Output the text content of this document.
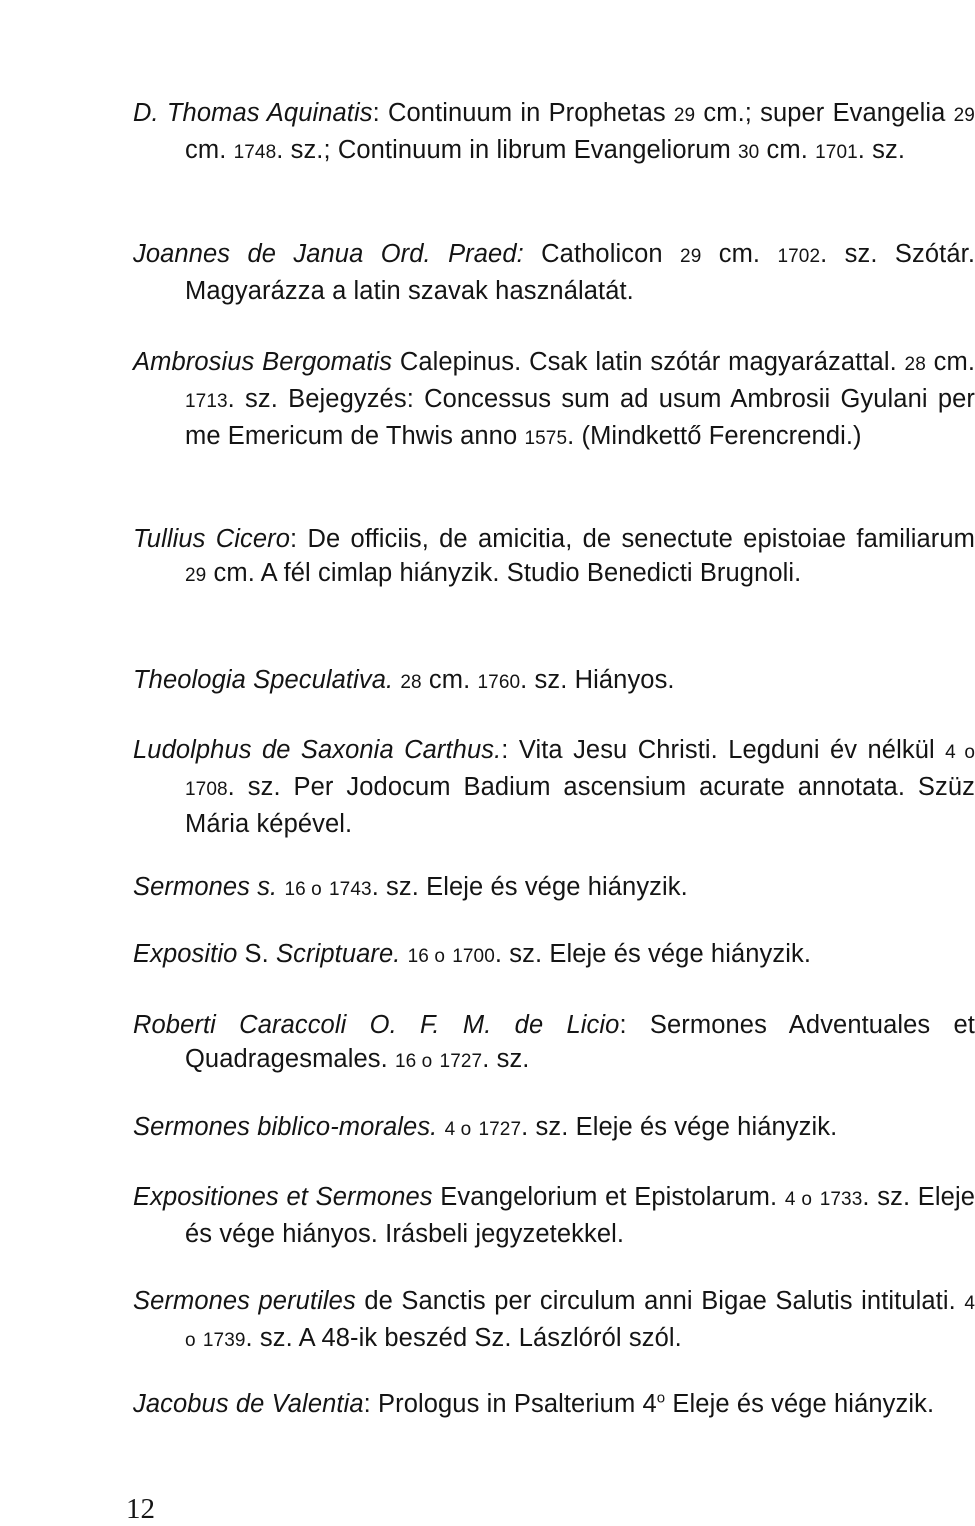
D. Thomas Aquinatis: Continuum in Prophetas 29 cm.; super Evangelia 29 cm. 1748. sz.; Continuum in librum Evangeliorum 30 cm. 1701. sz.

Joannes de Janua Ord. Praed: Catholicon 29 cm. 1702. sz. Szótár. Magyarázza a latin szavak használatát.

Ambrosius Bergomatis Calepinus. Csak latin szótár magyarázattal. 28 cm. 1713. sz. Bejegyzés: Concessus sum ad usum Ambrosii Gyulani per me Emericum de Thwis anno 1575. (Mindkettő Ferencrendi.)

Tullius Cicero: De officiis, de amicitia, de senectute epistoiae familiarum 29 cm. A fél cimlap hiányzik. Studio Benedicti Brugnoli.

Theologia Speculativa. 28 cm. 1760. sz. Hiányos.

Ludolphus de Saxonia Carthus.: Vita Jesu Christi. Legduni év nélkül 4 o 1708. sz. Per Jodocum Badium ascensium acurate annotata. Szüz Mária képével.

Sermones s. 16 o 1743. sz. Eleje és vége hiányzik.

Expositio S. Scriptuare. 16 o 1700. sz. Eleje és vége hiányzik.

Roberti Caraccoli O. F. M. de Licio: Sermones Adventuales et Quadragesmales. 16 o 1727. sz.

Sermones biblico-morales. 4 o 1727. sz. Eleje és vége hiányzik.

Expositiones et Sermones Evangelorium et Epistolarum. 4 o 1733. sz. Eleje és vége hiányos. Irásbeli jegyzetekkel.

Sermones perutiles de Sanctis per circulum anni Bigae Salutis intitulati. 4 o 1739. sz. A 48-ik beszéd Sz. Lászlóról szól.

Jacobus de Valentia: Prologus in Psalterium 4$^o$ Eleje és vége hiányzik.

12
